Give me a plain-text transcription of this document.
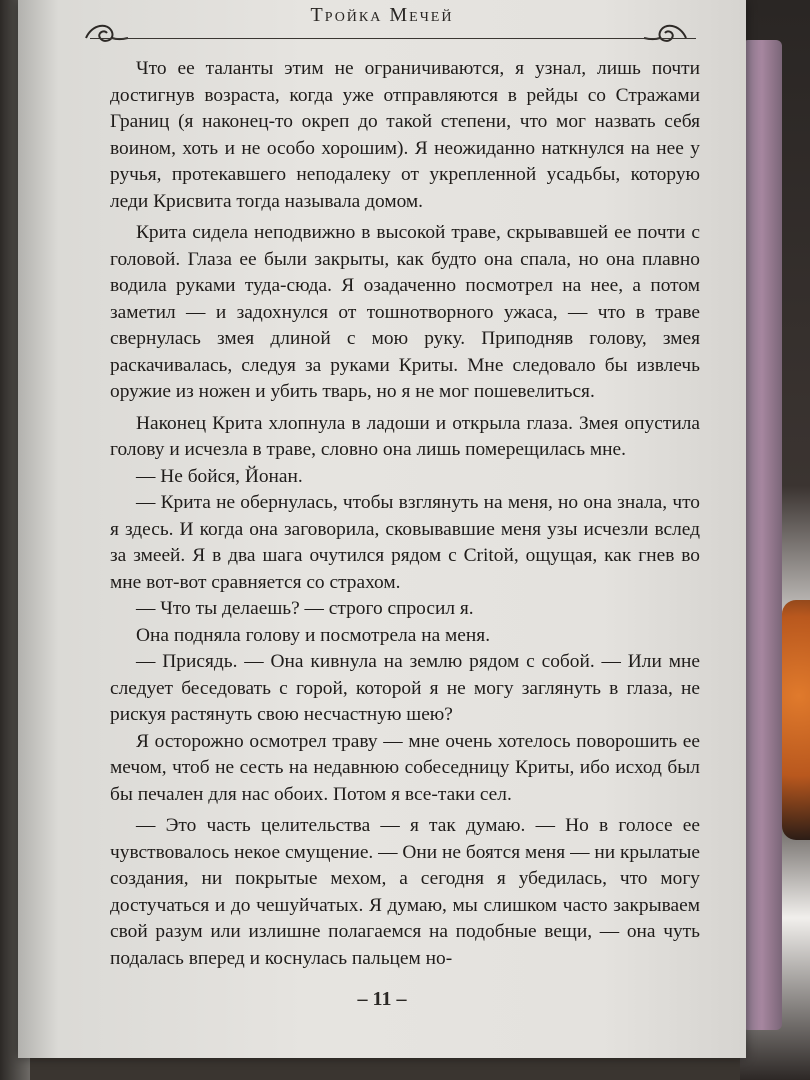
Тройка Мечей

Что ее таланты этим не ограничиваются, я узнал, лишь почти достигнув возраста, когда уже отправляются в рейды со Стражами Границ (я наконец-то окреп до такой степени, что мог назвать себя воином, хоть и не особо хорошим). Я неожиданно наткнулся на нее у ручья, протекавшего неподалеку от укрепленной усадьбы, которую леди Крисвита тогда называла домом.

Крита сидела неподвижно в высокой траве, скрывавшей ее почти с головой. Глаза ее были закрыты, как будто она спала, но она плавно водила руками туда-сюда. Я озадаченно посмотрел на нее, а потом заметил — и задохнулся от тошнотворного ужаса, — что в траве свернулась змея длиной с мою руку. Приподняв голову, змея раскачивалась, следуя за руками Криты. Мне следовало бы извлечь оружие из ножен и убить тварь, но я не мог пошевелиться.

Наконец Крита хлопнула в ладоши и открыла глаза. Змея опустила голову и исчезла в траве, словно она лишь померещилась мне.

— Не бойся, Йонан.

— Крита не обернулась, чтобы взглянуть на меня, но она знала, что я здесь. И когда она заговорила, сковывавшие меня узы исчезли вслед за змеей. Я в два шага очутился рядом с Critой, ощущая, как гнев во мне вот-вот сравняется со страхом.

— Что ты делаешь? — строго спросил я.

Она подняла голову и посмотрела на меня.

— Присядь. — Она кивнула на землю рядом с собой. — Или мне следует беседовать с горой, которой я не могу заглянуть в глаза, не рискуя растянуть свою несчастную шею?

Я осторожно осмотрел траву — мне очень хотелось поворошить ее мечом, чтоб не сесть на недавнюю собеседницу Криты, ибо исход был бы печален для нас обоих. Потом я все-таки сел.

— Это часть целительства — я так думаю. — Но в голосе ее чувствовалось некое смущение. — Они не боятся меня — ни крылатые создания, ни покрытые мехом, а сегодня я убедилась, что могу достучаться и до чешуйчатых. Я думаю, мы слишком часто закрываем свой разум или излишне полагаемся на подобные вещи, — она чуть подалась вперед и коснулась пальцем но-

– 11 –
